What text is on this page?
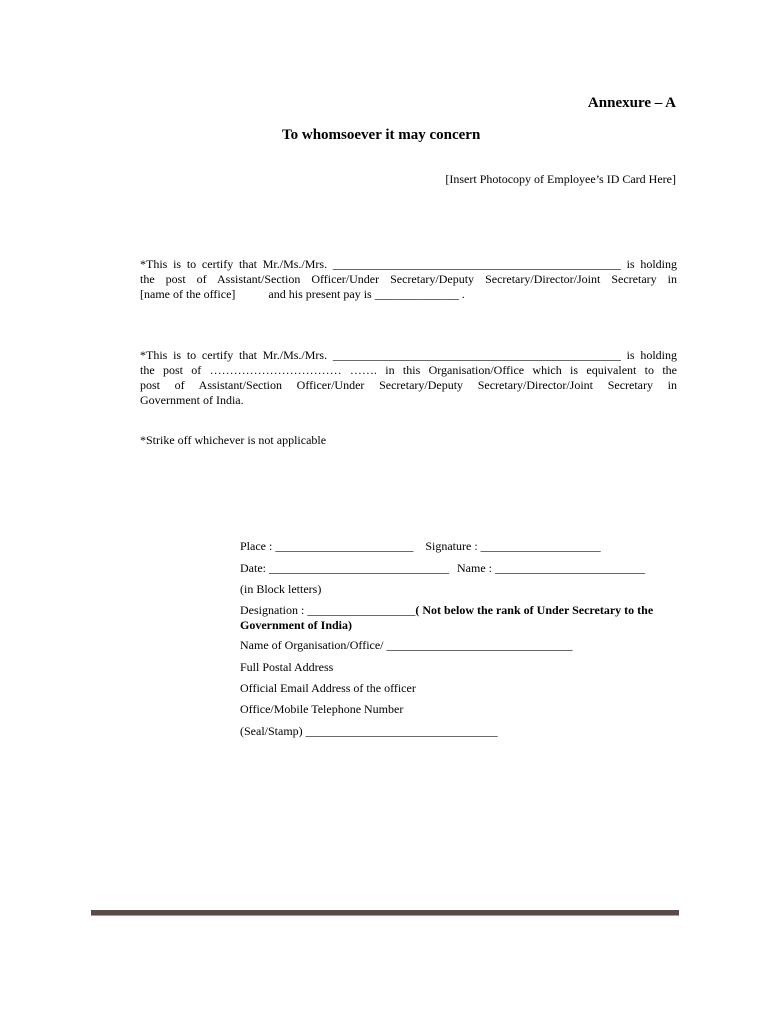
Annexure – A
To whomsoever it may concern
[Insert Photocopy of Employee’s ID Card Here]
*This is to certify that Mr./Ms./Mrs. ________________________________________________ is holding
the post of Assistant/Section Officer/Under Secretary/Deputy Secretary/Director/Joint Secretary in
[name of the office]	and his present pay is ______________ .
*This is to certify that Mr./Ms./Mrs. ________________________________________________ is holding
the post of …………………………… ……. in this Organisation/Office which is equivalent to the
post of Assistant/Section Officer/Under Secretary/Deputy Secretary/Director/Joint Secretary in
Government of India.
*Strike off whichever is not applicable
Place : _______________________ Signature : ____________________
Date: ______________________________ Name : _________________________
(in Block letters)
Designation : __________________( Not below the rank of Under Secretary to the
Government of India)
Name of Organisation/Office/ _______________________________
Full Postal Address
Official Email Address of the officer
Office/Mobile Telephone Number
(Seal/Stamp) ________________________________
